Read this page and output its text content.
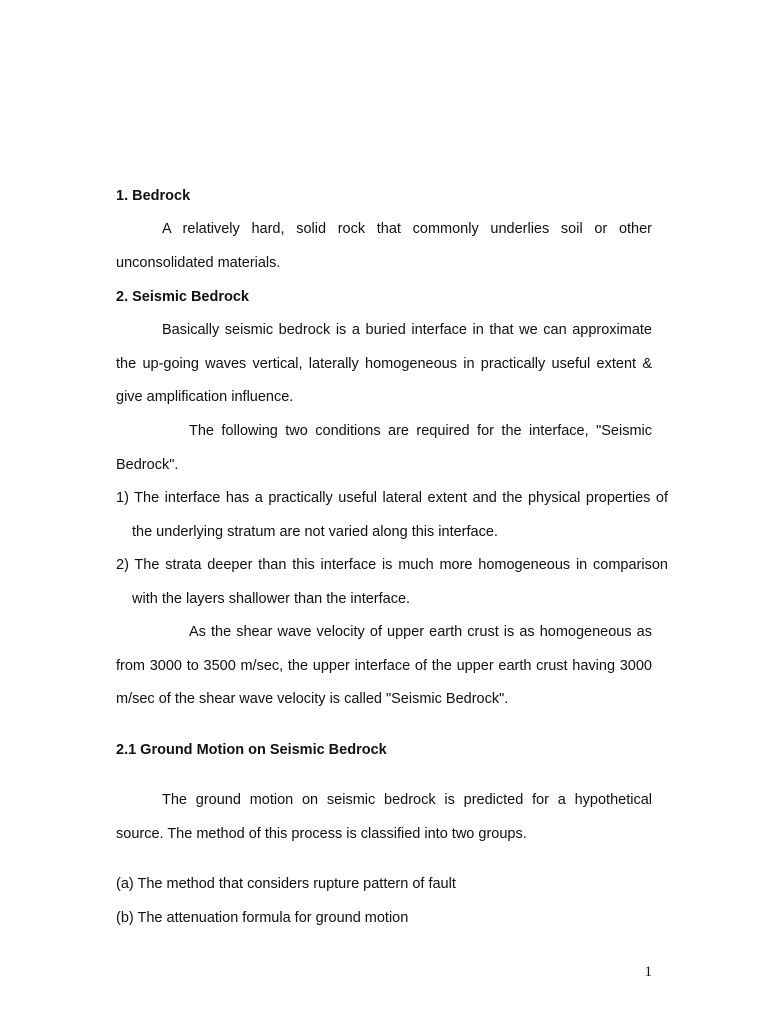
1. Bedrock

A relatively hard, solid rock that commonly underlies soil or other unconsolidated materials.

2. Seismic Bedrock

Basically seismic bedrock is a buried interface in that we can approximate the up-going waves vertical, laterally homogeneous in practically useful extent & give amplification influence.

The following two conditions are required for the interface, "Seismic Bedrock".

1) The interface has a practically useful lateral extent and the physical properties of the underlying stratum are not varied along this interface.

2) The strata deeper than this interface is much more homogeneous in comparison with the layers shallower than the interface.

As the shear wave velocity of upper earth crust is as homogeneous as from 3000 to 3500 m/sec, the upper interface of the upper earth crust having 3000 m/sec of the shear wave velocity is called "Seismic Bedrock".

2.1 Ground Motion on Seismic Bedrock

The ground motion on seismic bedrock is predicted for a hypothetical source. The method of this process is classified into two groups.

(a) The method that considers rupture pattern of fault

(b) The attenuation formula for ground motion

1
